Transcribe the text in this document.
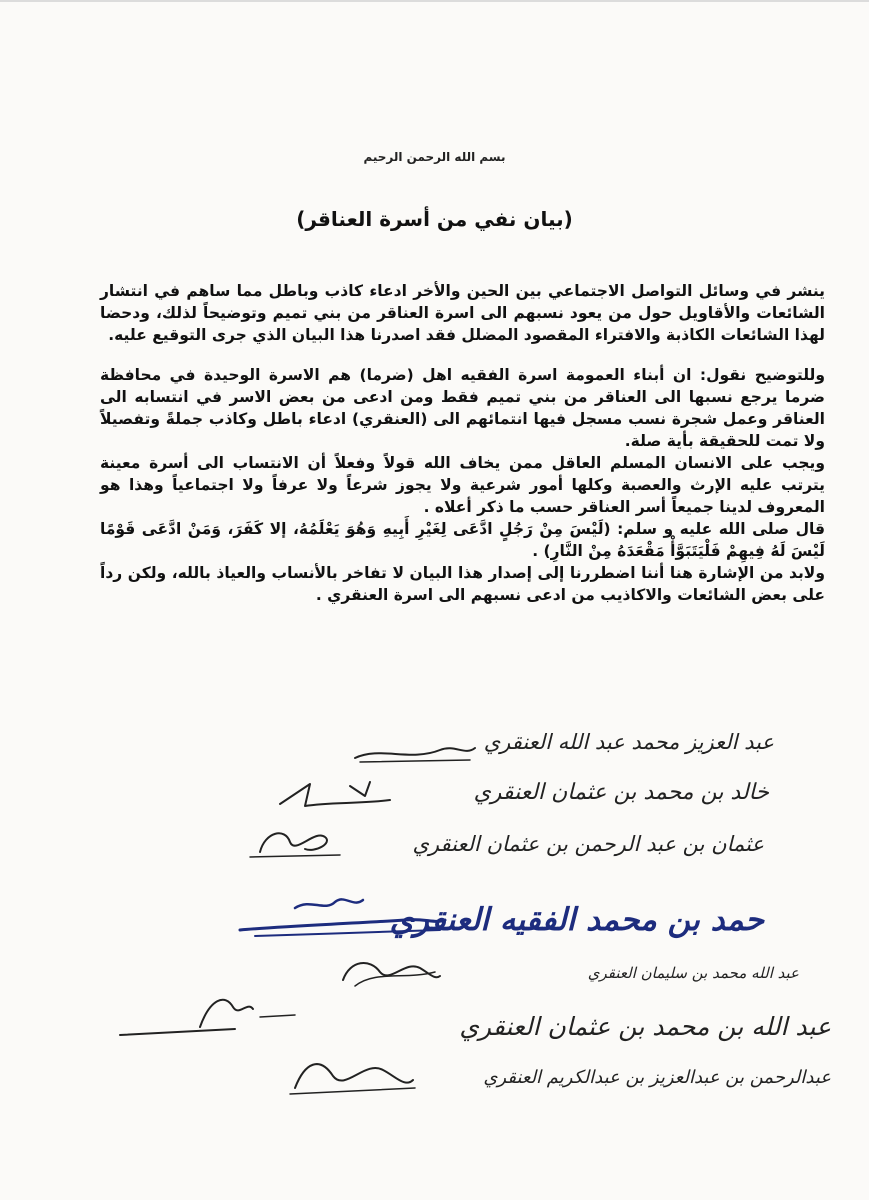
بسم الله الرحمن الرحيم
(بيان نفي من أسرة العناقر)

ينشر في وسائل التواصل الاجتماعي بين الحين والأخر ادعاء كاذب وباطل مما ساهم في انتشار الشائعات والأقاويل حول من يعود نسبهم الى اسرة العناقر من بني تميم وتوضيحاً لذلك، ودحضا لهذا الشائعات الكاذبة والافتراء المقصود المضلل فقد اصدرنا هذا البيان الذي جرى التوقيع عليه.

وللتوضيح نقول: ان أبناء العمومة اسرة الفقيه اهل (ضرما) هم الاسرة الوحيدة في محافظة ضرما يرجع نسبها الى العناقر من بني تميم فقط ومن ادعى من بعض الاسر في انتسابه الى العناقر وعمل شجرة نسب مسجل فيها انتمائهم الى (العنقري) ادعاء باطل وكاذب جملةً وتفصيلاً ولا تمت للحقيقة بأية صلة.

ويجب على الانسان المسلم العاقل ممن يخاف الله قولاً وفعلاً أن الانتساب الى أسرة معينة يترتب عليه الإرث والعصبة وكلها أمور شرعية ولا يجوز شرعاً ولا عرفاً ولا اجتماعياً وهذا هو المعروف لدينا جميعاً أسر العناقر حسب ما ذكر أعلاه .

قال صلى الله عليه و سلم: (لَيْسَ مِنْ رَجُلٍ ادَّعَى لِغَيْرِ أَبِيهِ وَهُوَ يَعْلَمُهُ، إلا كَفَرَ، وَمَنْ ادَّعَى قَوْمًا لَيْسَ لَهُ فِيهِمْ فَلْيَتَبَوَّأْ مَقْعَدَهُ مِنْ النَّارِ) .

ولابد من الإشارة هنا أننا اضطررنا إلى إصدار هذا البيان لا تفاخر بالأنساب والعياذ بالله، ولكن رداً على بعض الشائعات والاكاذيب من ادعى نسبهم الى اسرة العنقري .

عبد العزيز محمد عبد الله العنقري
خالد بن محمد بن عثمان العنقري
عثمان بن عبد الرحمن بن عثمان العنقري
حمد بن محمد الفقيه العنقري
عبد الله محمد بن سليمان العنقري
عبد الله بن محمد بن عثمان العنقري
عبدالرحمن بن عبدالعزيز بن عبدالكريم العنقري
